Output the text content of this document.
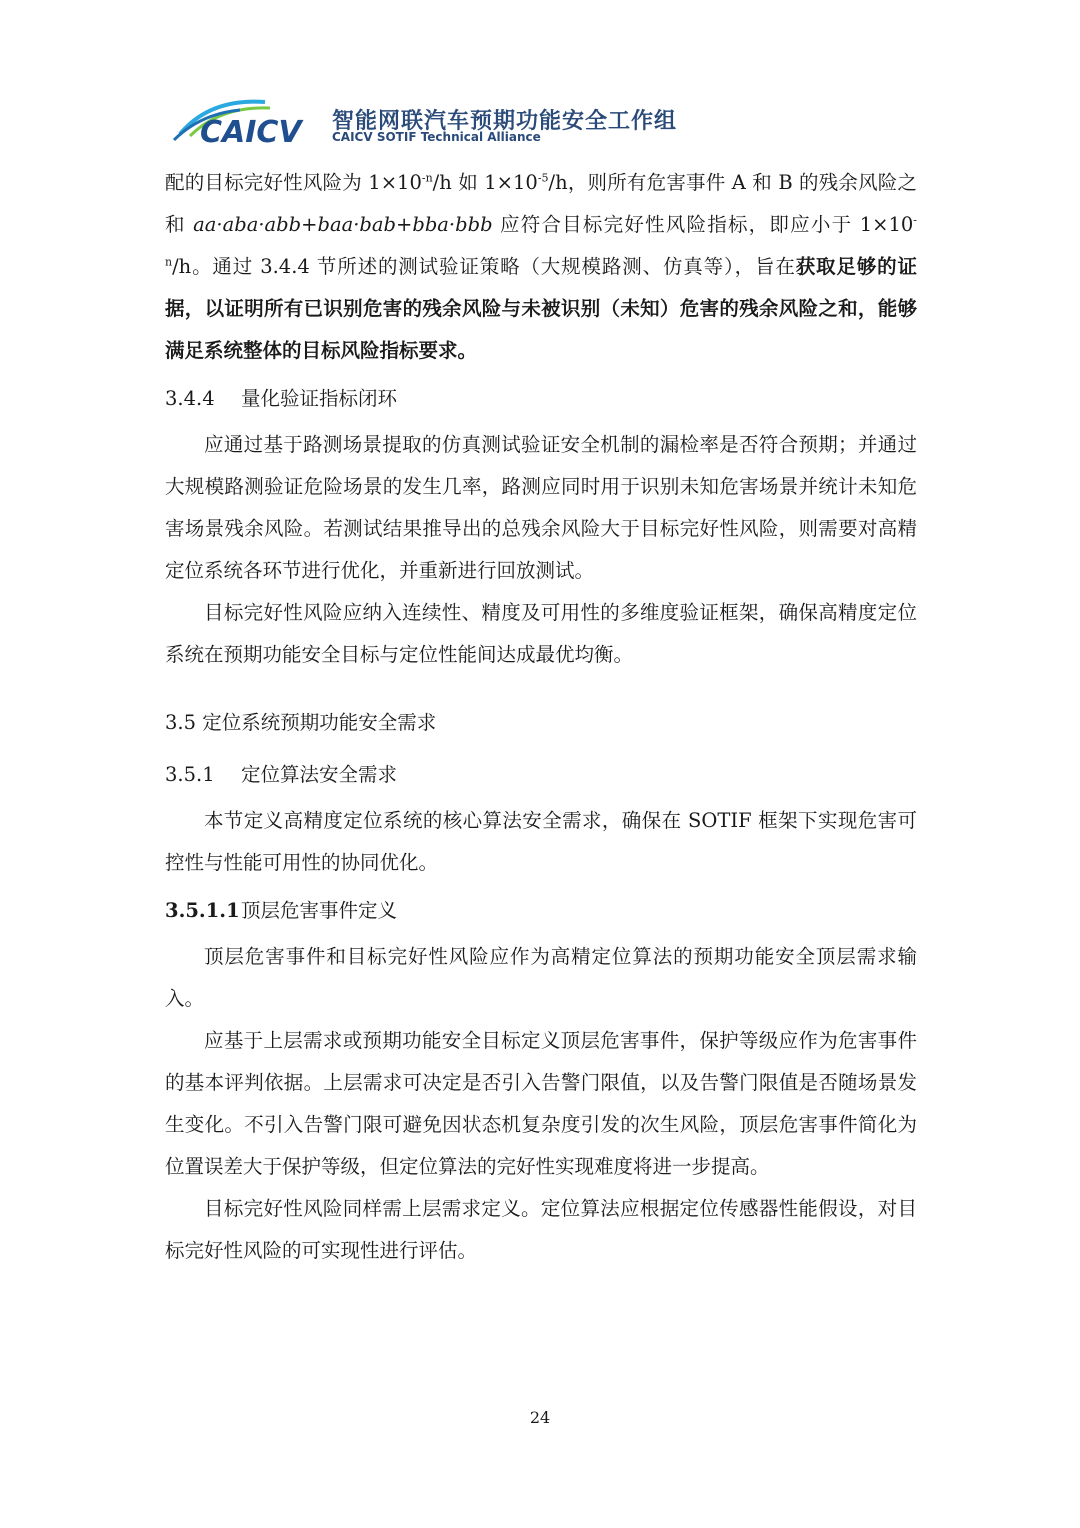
CAICV 智能网联汽车预期功能安全工作组
CAICV SOTIF Technical Alliance

配的目标完好性风险为 $1\times 10^{-n}/h$ 如 $1\times 10^{-5}/h$，则所有危害事件 A 和 B 的残余风险之和 aa·aba·abb+baa·bab+bba·bbb 应符合目标完好性风险指标，即应小于 $1\times 10^{-n}/h$。通过 3.4.4 节所述的测试验证策略（大规模路测、仿真等），旨在获取足够的证据，以证明所有已识别危害的残余风险与未被识别（未知）危害的残余风险之和，能够满足系统整体的目标风险指标要求。

3.4.4 量化验证指标闭环

应通过基于路测场景提取的仿真测试验证安全机制的漏检率是否符合预期；并通过大规模路测验证危险场景的发生几率，路测应同时用于识别未知危害场景并统计未知危害场景残余风险。若测试结果推导出的总残余风险大于目标完好性风险，则需要对高精定位系统各环节进行优化，并重新进行回放测试。

目标完好性风险应纳入连续性、精度及可用性的多维度验证框架，确保高精度定位系统在预期功能安全目标与定位性能间达成最优均衡。

3.5 定位系统预期功能安全需求
3.5.1 定位算法安全需求

本节定义高精度定位系统的核心算法安全需求，确保在 SOTIF 框架下实现危害可控性与性能可用性的协同优化。

3.5.1.1顶层危害事件定义

顶层危害事件和目标完好性风险应作为高精定位算法的预期功能安全顶层需求输入。

应基于上层需求或预期功能安全目标定义顶层危害事件，保护等级应作为危害事件的基本评判依据。上层需求可决定是否引入告警门限值，以及告警门限值是否随场景发生变化。不引入告警门限可避免因状态机复杂度引发的次生风险，顶层危害事件简化为位置误差大于保护等级，但定位算法的完好性实现难度将进一步提高。

目标完好性风险同样需上层需求定义。定位算法应根据定位传感器性能假设，对目标完好性风险的可实现性进行评估。

24
